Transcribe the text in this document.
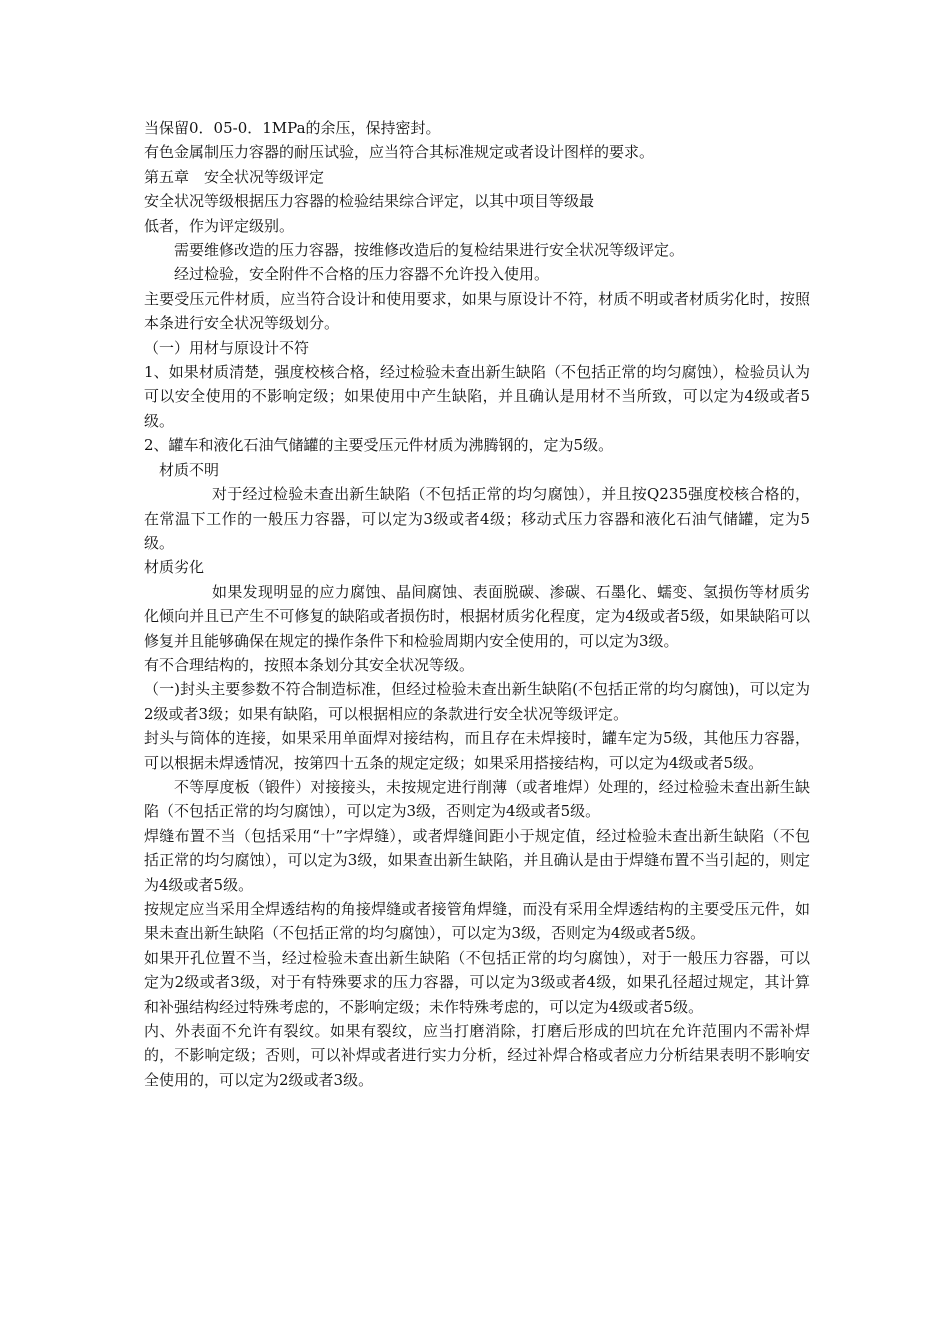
当保留0．05-0．1MPa的余压，保持密封。

有色金属制压力容器的耐压试验，应当符合其标准规定或者设计图样的要求。

第五章　安全状况等级评定

安全状况等级根据压力容器的检验结果综合评定，以其中项目等级最

低者，作为评定级别。

需要维修改造的压力容器，按维修改造后的复检结果进行安全状况等级评定。

经过检验，安全附件不合格的压力容器不允许投入使用。

主要受压元件材质，应当符合设计和使用要求，如果与原设计不符，材质不明或者材质劣化时，按照本条进行安全状况等级划分。

（一）用材与原设计不符

1、如果材质清楚，强度校核合格，经过检验未查出新生缺陷（不包括正常的均匀腐蚀），检验员认为可以安全使用的不影响定级；如果使用中产生缺陷，并且确认是用材不当所致，可以定为4级或者5级。

2、罐车和液化石油气储罐的主要受压元件材质为沸腾钢的，定为5级。

材质不明

对于经过检验未查出新生缺陷（不包括正常的均匀腐蚀），并且按Q235强度校核合格的，在常温下工作的一般压力容器，可以定为3级或者4级；移动式压力容器和液化石油气储罐，定为5级。

材质劣化

如果发现明显的应力腐蚀、晶间腐蚀、表面脱碳、渗碳、石墨化、蠕变、氢损伤等材质劣化倾向并且已产生不可修复的缺陷或者损伤时，根据材质劣化程度，定为4级或者5级，如果缺陷可以修复并且能够确保在规定的操作条件下和检验周期内安全使用的，可以定为3级。

有不合理结构的，按照本条划分其安全状况等级。

（一)封头主要参数不符合制造标准，但经过检验未查出新生缺陷(不包括正常的均匀腐蚀)，可以定为2级或者3级；如果有缺陷，可以根据相应的条款进行安全状况等级评定。

封头与筒体的连接，如果采用单面焊对接结构，而且存在未焊接时，罐车定为5级，其他压力容器，可以根据未焊透情况，按第四十五条的规定定级；如果采用搭接结构，可以定为4级或者5级。

不等厚度板（锻件）对接接头，未按规定进行削薄（或者堆焊）处理的，经过检验未查出新生缺陷（不包括正常的均匀腐蚀），可以定为3级，否则定为4级或者5级。

焊缝布置不当（包括采用“十”字焊缝），或者焊缝间距小于规定值，经过检验未查出新生缺陷（不包括正常的均匀腐蚀），可以定为3级，如果查出新生缺陷，并且确认是由于焊缝布置不当引起的，则定为4级或者5级。

按规定应当采用全焊透结构的角接焊缝或者接管角焊缝，而没有采用全焊透结构的主要受压元件，如果未查出新生缺陷（不包括正常的均匀腐蚀），可以定为3级，否则定为4级或者5级。

如果开孔位置不当，经过检验未查出新生缺陷（不包括正常的均匀腐蚀），对于一般压力容器，可以定为2级或者3级，对于有特殊要求的压力容器，可以定为3级或者4级，如果孔径超过规定，其计算和补强结构经过特殊考虑的，不影响定级；未作特殊考虑的，可以定为4级或者5级。

内、外表面不允许有裂纹。如果有裂纹，应当打磨消除，打磨后形成的凹坑在允许范围内不需补焊的，不影响定级；否则，可以补焊或者进行实力分析，经过补焊合格或者应力分析结果表明不影响安全使用的，可以定为2级或者3级。
